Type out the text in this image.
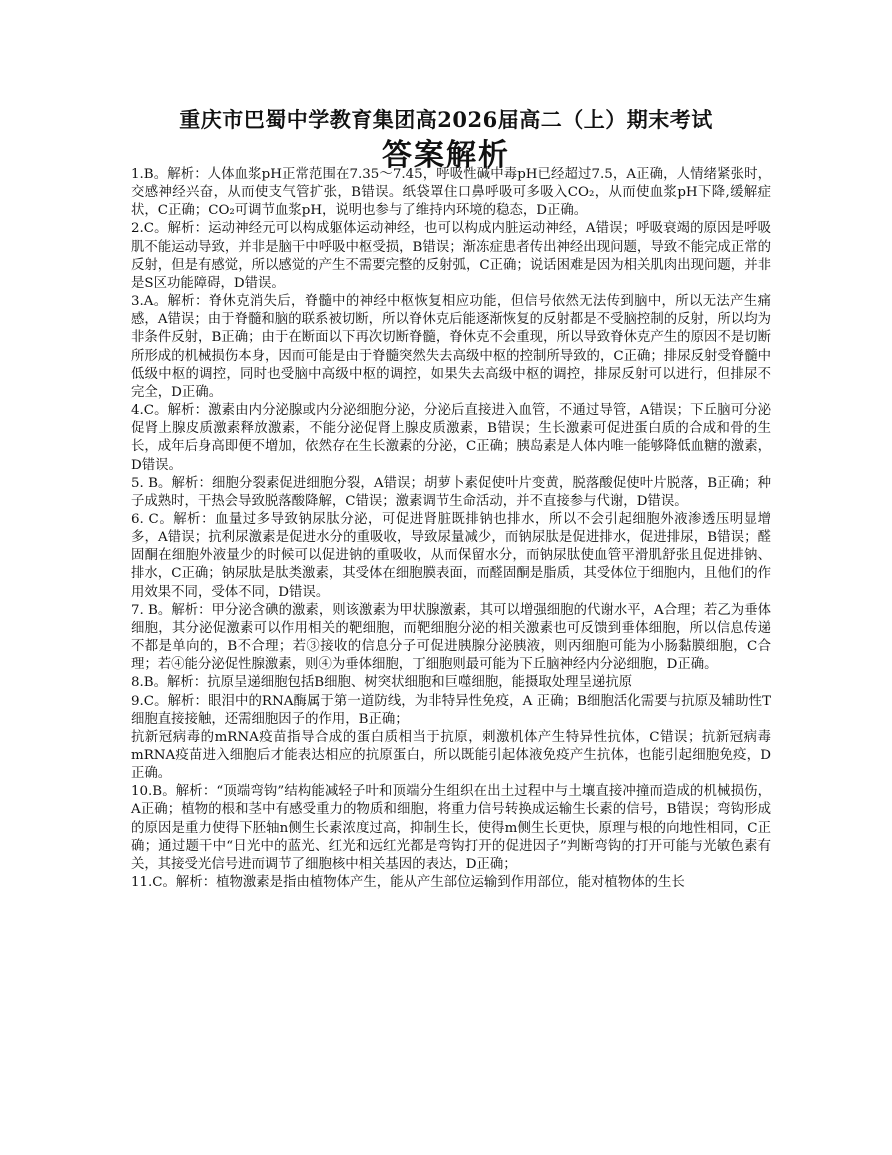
重庆市巴蜀中学教育集团高2026届高二（上）期末考试
答案解析

1.B。解析：人体血浆pH正常范围在7.35～7.45，呼吸性碱中毒pH已经超过7.5，A正确，人情绪紧张时，交感神经兴奋，从而使支气管扩张，B错误。纸袋罩住口鼻呼吸可多吸入CO₂，从而使血浆pH下降,缓解症状，C正确；CO₂可调节血浆pH，说明也参与了维持内环境的稳态，D正确。

2.C。解析：运动神经元可以构成躯体运动神经，也可以构成内脏运动神经，A错误；呼吸衰竭的原因是呼吸肌不能运动导致，并非是脑干中呼吸中枢受损，B错误；渐冻症患者传出神经出现问题，导致不能完成正常的反射，但是有感觉，所以感觉的产生不需要完整的反射弧，C正确；说话困难是因为相关肌肉出现问题，并非是S区功能障碍，D错误。

3.A。解析：脊休克消失后，脊髓中的神经中枢恢复相应功能，但信号依然无法传到脑中，所以无法产生痛感，A错误；由于脊髓和脑的联系被切断，所以脊休克后能逐渐恢复的反射都是不受脑控制的反射，所以均为非条件反射，B正确；由于在断面以下再次切断脊髓，脊休克不会重现，所以导致脊休克产生的原因不是切断所形成的机械损伤本身，因而可能是由于脊髓突然失去高级中枢的控制所导致的，C正确；排尿反射受脊髓中低级中枢的调控，同时也受脑中高级中枢的调控，如果失去高级中枢的调控，排尿反射可以进行，但排尿不完全，D正确。

4.C。解析：激素由内分泌腺或内分泌细胞分泌，分泌后直接进入血管，不通过导管，A错误；下丘脑可分泌促肾上腺皮质激素释放激素，不能分泌促肾上腺皮质激素，B错误；生长激素可促进蛋白质的合成和骨的生长，成年后身高即便不增加，依然存在生长激素的分泌，C正确；胰岛素是人体内唯一能够降低血糖的激素，D错误。

5. B。解析：细胞分裂素促进细胞分裂，A错误；胡萝卜素促使叶片变黄，脱落酸促使叶片脱落，B正确；种子成熟时，干热会导致脱落酸降解，C错误；激素调节生命活动，并不直接参与代谢，D错误。

6. C。解析：血量过多导致钠尿肽分泌，可促进肾脏既排钠也排水，所以不会引起细胞外液渗透压明显增多，A错误；抗利尿激素是促进水分的重吸收，导致尿量减少，而钠尿肽是促进排水，促进排尿，B错误；醛固酮在细胞外液量少的时候可以促进钠的重吸收，从而保留水分，而钠尿肽使血管平滑肌舒张且促进排钠、排水，C正确；钠尿肽是肽类激素，其受体在细胞膜表面，而醛固酮是脂质，其受体位于细胞内，且他们的作用效果不同，受体不同，D错误。

7. B。解析：甲分泌含碘的激素，则该激素为甲状腺激素，其可以增强细胞的代谢水平，A合理；若乙为垂体细胞，其分泌促激素可以作用相关的靶细胞，而靶细胞分泌的相关激素也可反馈到垂体细胞，所以信息传递不都是单向的，B不合理；若③接收的信息分子可促进胰腺分泌胰液，则丙细胞可能为小肠黏膜细胞，C合理；若④能分泌促性腺激素，则④为垂体细胞，丁细胞则最可能为下丘脑神经内分泌细胞，D正确。

8.B。解析：抗原呈递细胞包括B细胞、树突状细胞和巨噬细胞，能摄取处理呈递抗原

9.C。解析：眼泪中的RNA酶属于第一道防线，为非特异性免疫，A 正确；B细胞活化需要与抗原及辅助性T细胞直接接触，还需细胞因子的作用，B正确；

抗新冠病毒的mRNA疫苗指导合成的蛋白质相当于抗原，刺激机体产生特异性抗体，C错误；抗新冠病毒mRNA疫苗进入细胞后才能表达相应的抗原蛋白，所以既能引起体液免疫产生抗体，也能引起细胞免疫，D正确。

10.B。解析：“顶端弯钩”结构能减轻子叶和顶端分生组织在出土过程中与土壤直接冲撞而造成的机械损伤，A正确；植物的根和茎中有感受重力的物质和细胞，将重力信号转换成运输生长素的信号，B错误；弯钩形成的原因是重力使得下胚轴n侧生长素浓度过高，抑制生长，使得m侧生长更快，原理与根的向地性相同，C正确；通过题干中“日光中的蓝光、红光和远红光都是弯钩打开的促进因子”判断弯钩的打开可能与光敏色素有关，其接受光信号进而调节了细胞核中相关基因的表达，D正确；

11.C。解析：植物激素是指由植物体产生，能从产生部位运输到作用部位，能对植物体的生长
